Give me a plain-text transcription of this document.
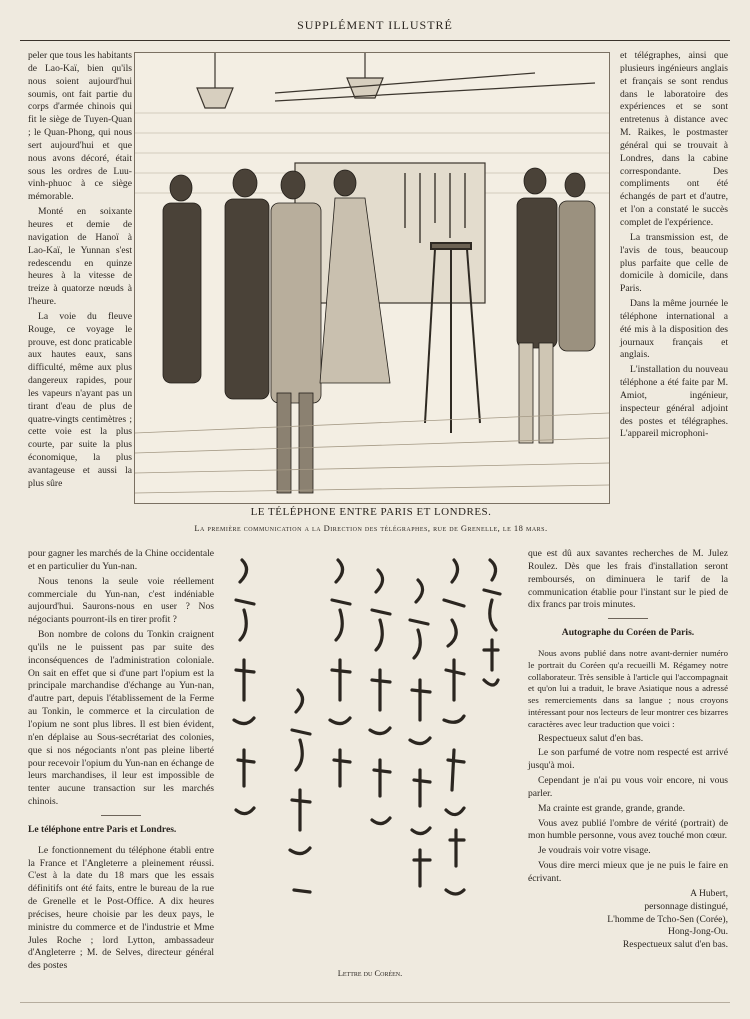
SUPPLÉMENT ILLUSTRÉ

peler que tous les habitants de Lao-Kaï, bien qu'ils nous soient aujourd'hui soumis, ont fait partie du corps d'armée chinois qui fit le siège de Tuyen-Quan ; le Quan-Phong, qui nous sert aujourd'hui et que nous avons décoré, était sous les ordres de Luu-vinh-phuoc à ce siège mémorable.

Monté en soixante heures et demie de navigation de Hanoï à Lao-Kaï, le Yunnan s'est redescendu en quinze heures à la vitesse de treize à quatorze nœuds à l'heure.

La voie du fleuve Rouge, ce voyage le prouve, est donc praticable aux hautes eaux, sans difficulté, même aux plus dangereux rapides, pour les vapeurs n'ayant pas un tirant d'eau de plus de quatre-vingts centimètres ; cette voie est la plus courte, par suite la plus économique, la plus avantageuse et aussi la plus sûre

LE TÉLÉPHONE ENTRE PARIS ET LONDRES.
La première communication a la Direction des télégraphes, rue de Grenelle, le 18 mars.

et télégraphes, ainsi que plusieurs ingénieurs anglais et français se sont rendus dans le laboratoire des expériences et se sont entretenus à distance avec M. Raikes, le postmaster général qui se trouvait à Londres, dans la cabine correspondante. Des compliments ont été échangés de part et d'autre, et l'on a constaté le succès complet de l'expérience.

La transmission est, de l'avis de tous, beaucoup plus parfaite que celle de domicile à domicile, dans Paris.

Dans la même journée le téléphone international a été mis à la disposition des journaux français et anglais.

L'installation du nouveau téléphone a été faite par M. Amiot, ingénieur, inspecteur général adjoint des postes et télégraphes. L'appareil microphoni-

pour gagner les marchés de la Chine occidentale et en particulier du Yun-nan.

Nous tenons la seule voie réellement commerciale du Yun-nan, c'est indéniable aujourd'hui. Saurons-nous en user ? Nos négociants pourront-ils en tirer profit ?

Bon nombre de colons du Tonkin craignent qu'ils ne le puissent pas par suite des inconséquences de l'administration coloniale. On sait en effet que si d'une part l'opium est la principale marchandise d'échange au Yun-nan, d'autre part, depuis l'établissement de la Ferme au Tonkin, le commerce et la circulation de l'opium ne sont plus libres. Il est bien évident, n'en déplaise au Sous-secrétariat des colonies, que si nos négociants n'ont pas pleine liberté pour recevoir l'opium du Yun-nan en échange de leurs marchandises, il leur est impossible de tenter aucune transaction sur les marchés chinois.

Le téléphone entre Paris et Londres.

Le fonctionnement du téléphone établi entre la France et l'Angleterre a pleinement réussi. C'est à la date du 18 mars que les essais définitifs ont été faits, entre le bureau de la rue de Grenelle et le Post-Office. A dix heures précises, heure choisie par les deux pays, le ministre du commerce et de l'industrie et Mme Jules Roche ; lord Lytton, ambassadeur d'Angleterre ; M. de Selves, directeur général des postes

Lettre du Coréen.

que est dû aux savantes recherches de M. Julez Roulez. Dès que les frais d'installation seront remboursés, on diminuera le tarif de la communication établie pour l'instant sur le pied de dix francs par trois minutes.

Autographe du Coréen de Paris.

Nous avons publié dans notre avant-dernier numéro le portrait du Coréen qu'a recueilli M. Régamey notre collaborateur. Très sensible à l'article qui l'accompagnait et qu'on lui a traduit, le brave Asiatique nous a adressé ses remerciements dans sa langue ; nous croyons intéressant pour nos lecteurs de leur montrer ces bizarres caractères avec leur traduction que voici :

Respectueux salut d'en bas.

Le son parfumé de votre nom respecté est arrivé jusqu'à moi.

Cependant je n'ai pu vous voir encore, ni vous parler.

Ma crainte est grande, grande, grande.

Vous avez publié l'ombre de vérité (portrait) de mon humble personne, vous avez touché mon cœur.

Je voudrais voir votre visage.

Vous dire merci mieux que je ne puis le faire en écrivant.

A Hubert,
personnage distingué,
L'homme de Tcho-Sen (Corée),
Hong-Jong-Ou.
Respectueux salut d'en bas.
